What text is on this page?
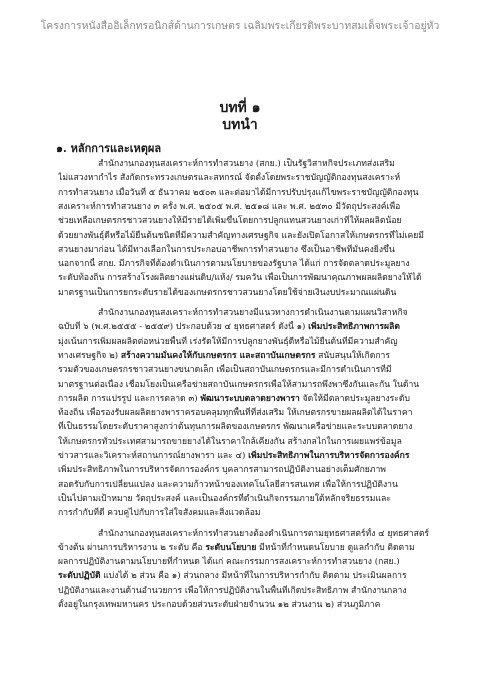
โครงการหนังสืออิเล็กทรอนิกส์ด้านการเกษตร เฉลิมพระเกียรติพระบาทสมเด็จพระเจ้าอยู่หัว
บทที่ ๑
บทนำ
๑. หลักการและเหตุผล
สำนักงานกองทุนสงเคราะห์การทำสวนยาง (สกย.) เป็นรัฐวิสาหกิจประเภทส่งเสริม
ไม่แสวงหากำไร สังกัดกระทรวงเกษตรและสหกรณ์ จัดตั้งโดยพระราชบัญญัติกองทุนสงเคราะห์
การทำสวนยาง เมื่อวันที่ ๕ ธันวาคม ๒๕๐๓ และต่อมาได้มีการปรับปรุงแก้ไขพระราชบัญญัติกองทุน
สงเคราะห์การทำสวนยาง ๓ ครั้ง พ.ศ. ๒๕๐๕ พ.ศ. ๒๕๑๘ และ พ.ศ. ๒๕๓๐ มีวัตถุประสงค์เพื่อ
ช่วยเหลือเกษตรกรชาวสวนยางให้มีรายได้เพิ่มขึ้นโดยการปลูกแทนสวนยางเก่าที่ให้ผลผลิตน้อย
ด้วยยางพันธุ์ดีหรือไม้ยืนต้นชนิดที่มีความสำคัญทางเศรษฐกิจ และยังเปิดโอกาสให้เกษตรกรที่ไม่เคยมี
สวนยางมาก่อน ได้มีทางเลือกในการประกอบอาชีพการทำสวนยาง ซึ่งเป็นอาชีพที่มั่นคงยิ่งขึ้น
นอกจากนี้ สกย. มีภารกิจที่ต้องดำเนินการตามนโยบายของรัฐบาล ได้แก่ การจัดตลาดประมูลยาง
ระดับท้องถิ่น การสร้างโรงผลิตยางแผ่นดิบ/แห้ง/ รมควัน เพื่อเป็นการพัฒนาคุณภาพผลผลิตยางให้ได้
มาตรฐานเป็นการยกระดับรายได้ของเกษตรกรชาวสวนยางโดยใช้จ่ายเงินงบประมาณแผ่นดิน
สำนักงานกองทุนสงเคราะห์การทำสวนยางมีแนวทางการดำเนินงานตามแผนวิสาหกิจ
ฉบับที่ ๖ (พ.ศ.๒๕๕๕ - ๒๕๕๙) ประกอบด้วย ๔ ยุทธศาสตร์ ดังนี้ ๑) เพิ่มประสิทธิภาพการผลิต
มุ่งเน้นการเพิ่มผลผลิตต่อหน่วยพื้นที่ เร่งรัดให้มีการปลูกยางพันธุ์ดีหรือไม้ยืนต้นที่มีความสำคัญ
ทางเศรษฐกิจ ๒) สร้างความมั่นคงให้กับเกษตรกร และสถาบันเกษตรกร สนับสนุนให้เกิดการ
รวมตัวของเกษตรกรชาวสวนยางขนาดเล็ก เพื่อเป็นสถาบันเกษตรกรและมีการดำเนินการที่มี
มาตรฐานต่อเนื่อง เชื่อมโยงเป็นเครือข่ายสถาบันเกษตรกรเพื่อให้สามารถพึ่งพาซึ่งกันและกัน ในด้าน
การผลิต การแปรรูป และการตลาด ๓) พัฒนาระบบตลาดยางพารา จัดให้มีตลาดประมูลยางระดับ
ท้องถิ่น เพื่อรองรับผลผลิตยางพาราครอบคลุมทุกพื้นที่ที่ส่งเสริม ให้เกษตรกรขายผลผลิตได้ในราคา
ที่เป็นธรรมโดยระดับราคาสูงกว่าต้นทุนการผลิตของเกษตรกร พัฒนาเครือข่ายและระบบตลาดยาง
ให้เกษตรกรทั่วประเทศสามารถขายยางได้ในราคาใกล้เคียงกัน สร้างกลไกในการเผยแพร่ข้อมูล
ข่าวสารและวิเคราะห์สถานการณ์ยางพารา และ ๔) เพิ่มประสิทธิภาพในการบริหารจัดการองค์กร
เพิ่มประสิทธิภาพในการบริหารจัดการองค์กร บุคลากรสามารถปฏิบัติงานอย่างเต็มศักยภาพ
สอดรับกับการเปลี่ยนแปลง และความก้าวหน้าของเทคโนโลยีสารสนเทศ เพื่อให้การปฏิบัติงาน
เป็นไปตามเป้าหมาย วัตถุประสงค์ และเป็นองค์กรที่ดำเนินกิจกรรมภายใต้หลักจริยธรรมและ
การกำกับที่ดี ควบคู่ไปกับการใส่ใจสังคมและสิ่งแวดล้อม
สำนักงานกองทุนสงเคราะห์การทำสวนยางต้องดำเนินการตามยุทธศาสตร์ทั้ง ๔ ยุทธศาสตร์
ข้างต้น ผ่านการบริหารงาน ๒ ระดับ คือ ระดับนโยบาย มีหน้าที่กำหนดนโยบาย ดูแลกำกับ ติดตาม
ผลการปฏิบัติงานตามนโยบายที่กำหนด ได้แก่ คณะกรรมการสงเคราะห์การทำสวนยาง (กสย.)
ระดับปฏิบัติ แบ่งได้ ๒ ส่วน คือ ๑) ส่วนกลาง มีหน้าที่ในการบริหารกำกับ ติดตาม ประเมินผลการ
ปฏิบัติงานและงานด้านอำนวยการ เพื่อให้การปฏิบัติงานในพื้นที่เกิดประสิทธิภาพ สำนักงานกลาง
ตั้งอยู่ในกรุงเทพมหานคร ประกอบด้วยส่วนระดับฝ่ายจำนวน ๑๒ ส่วนงาน ๒) ส่วนภูมิภาค
